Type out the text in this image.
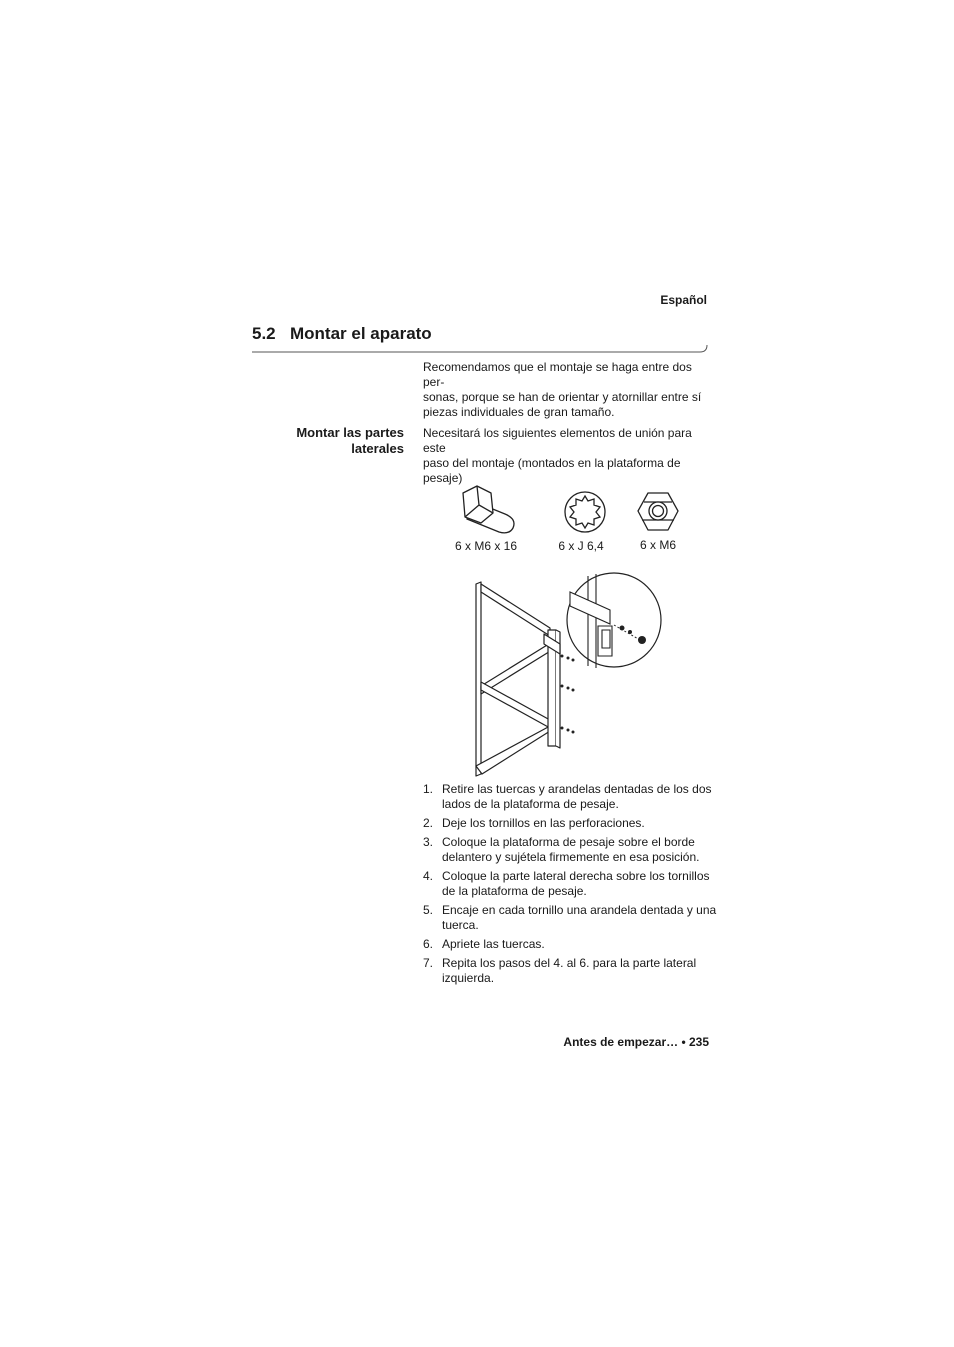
Español
5.2 Montar el aparato
Recomendamos que el montaje se haga entre dos per-
sonas, porque se han de orientar y atornillar entre sí
piezas individuales de gran tamaño.
Montar las partes
laterales
Necesitará los siguientes elementos de unión para este
paso del montaje (montados en la plataforma de
pesaje)
6 x M6 x 16	6 x J 6,4	6 x M6
1. Retire las tuercas y arandelas dentadas de los dos
lados de la plataforma de pesaje.
2. Deje los tornillos en las perforaciones.
3. Coloque la plataforma de pesaje sobre el borde
delantero y sujétela firmemente en esa posición.
4. Coloque la parte lateral derecha sobre los tornillos
de la plataforma de pesaje.
5. Encaje en cada tornillo una arandela dentada y una
tuerca.
6. Apriete las tuercas.
7. Repita los pasos del 4. al 6. para la parte lateral
izquierda.
Antes de empezar… • 235
